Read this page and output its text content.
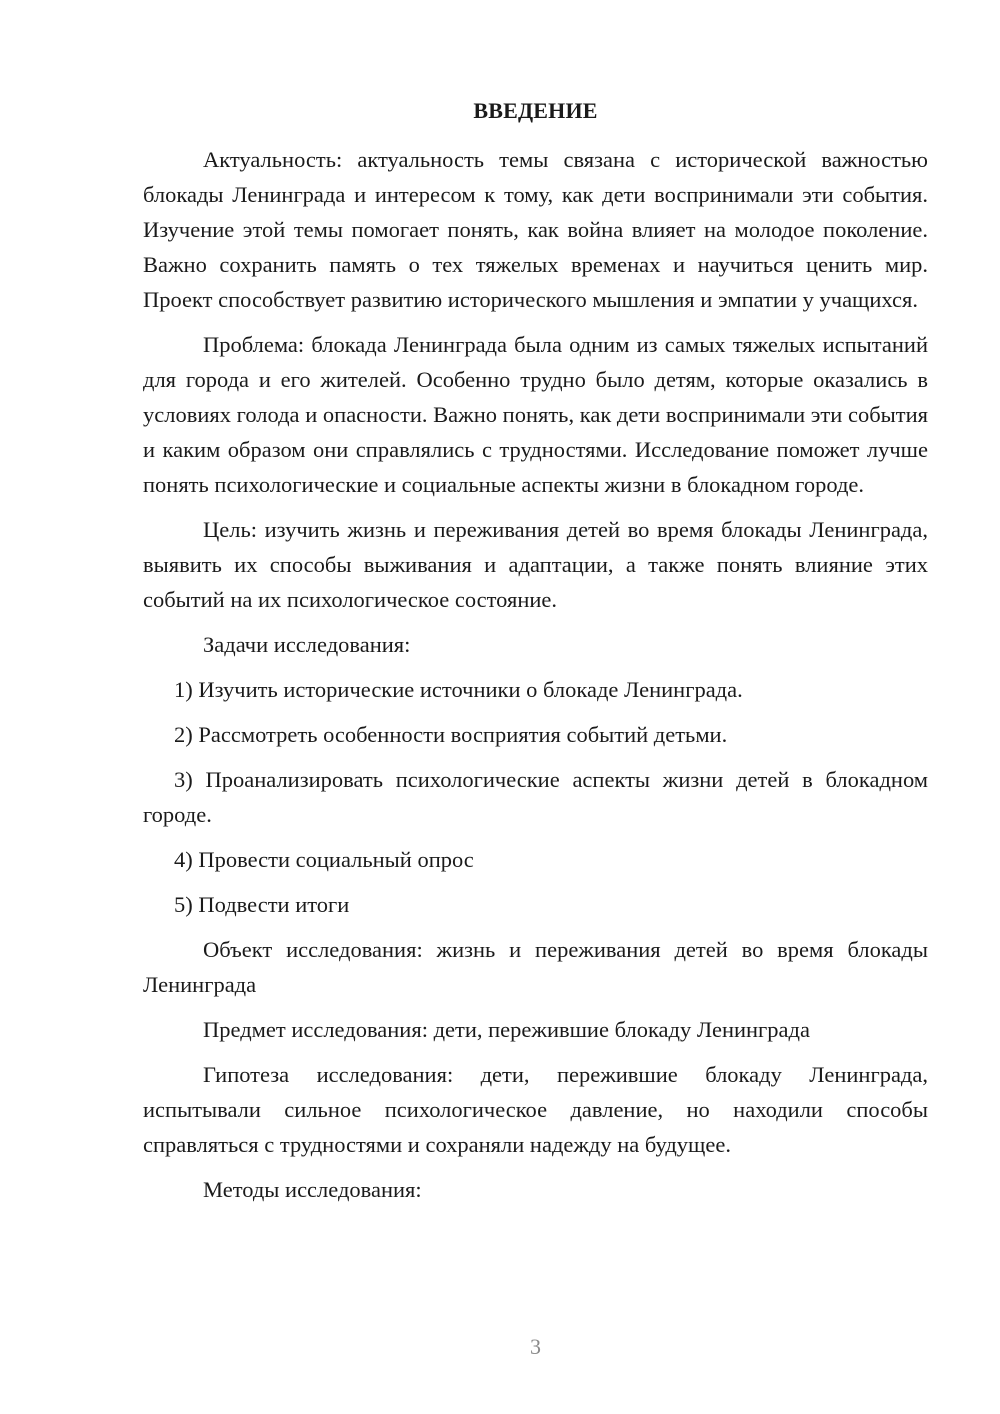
ВВЕДЕНИЕ

Актуальность: актуальность темы связана с исторической важностью блокады Ленинграда и интересом к тому, как дети воспринимали эти события. Изучение этой темы помогает понять, как война влияет на молодое поколение. Важно сохранить память о тех тяжелых временах и научиться ценить мир. Проект способствует развитию исторического мышления и эмпатии у учащихся.

Проблема: блокада Ленинграда была одним из самых тяжелых испытаний для города и его жителей. Особенно трудно было детям, которые оказались в условиях голода и опасности. Важно понять, как дети воспринимали эти события и каким образом они справлялись с трудностями. Исследование поможет лучше понять психологические и социальные аспекты жизни в блокадном городе.

Цель: изучить жизнь и переживания детей во время блокады Ленинграда, выявить их способы выживания и адаптации, а также понять влияние этих событий на их психологическое состояние.

Задачи исследования:

1) Изучить исторические источники о блокаде Ленинграда.

2) Рассмотреть особенности восприятия событий детьми.

3) Проанализировать психологические аспекты жизни детей в блокадном городе.

4) Провести социальный опрос

5) Подвести итоги

Объект исследования: жизнь и переживания детей во время блокады Ленинграда

Предмет исследования: дети, пережившие блокаду Ленинграда

Гипотеза исследования: дети, пережившие блокаду Ленинграда, испытывали сильное психологическое давление, но находили способы справляться с трудностями и сохраняли надежду на будущее.

Методы исследования:

3
